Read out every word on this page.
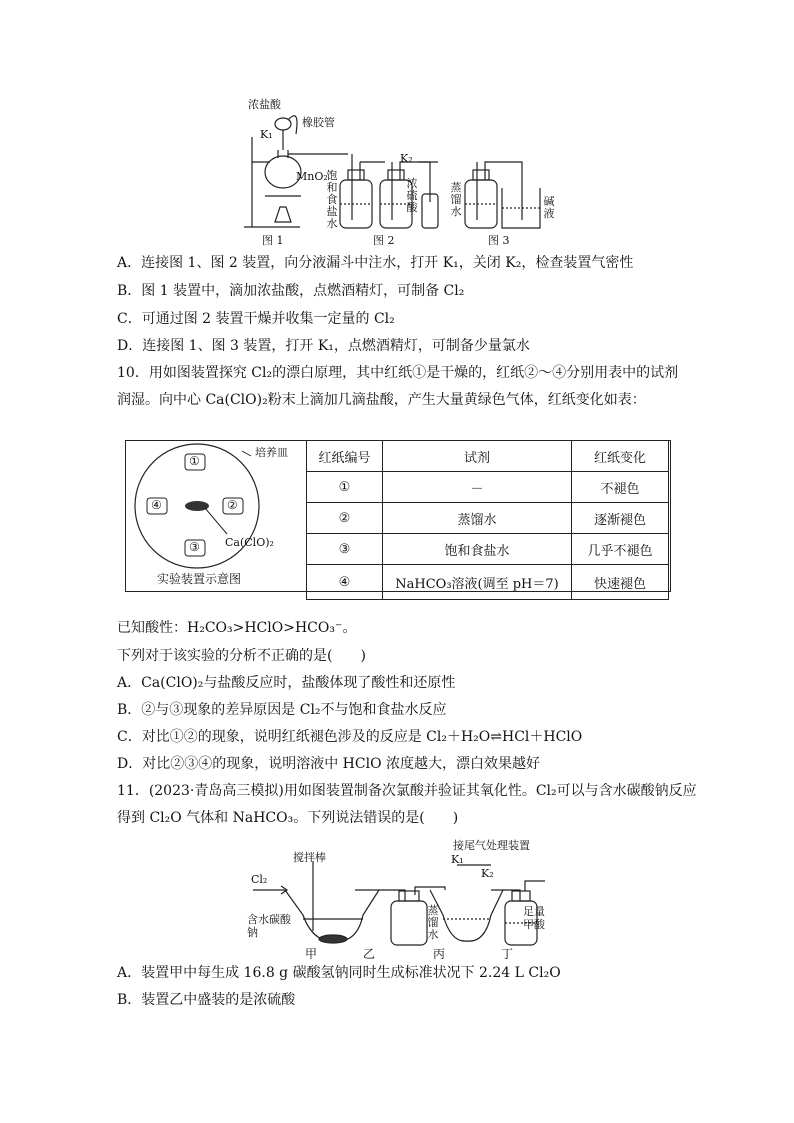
浓盐酸
橡胶管
K₁
MnO₂
图 1
饱和食盐水
K₂
浓硫酸
图 2
蒸馏水
碱液
图 3
A．连接图 1、图 2 装置，向分液漏斗中注水，打开 K₁，关闭 K₂，检查装置气密性
B．图 1 装置中，滴加浓盐酸，点燃酒精灯，可制备 Cl₂
C．可通过图 2 装置干燥并收集一定量的 Cl₂
D．连接图 1、图 3 装置，打开 K₁，点燃酒精灯，可制备少量氯水
10．用如图装置探究 Cl₂的漂白原理，其中红纸①是干燥的，红纸②～④分别用表中的试剂
润湿。向中心 Ca(ClO)₂粉末上滴加几滴盐酸，产生大量黄绿色气体，红纸变化如表：
培养皿
①
④	②
③ Ca(ClO)₂
实验装置示意图
红纸编号	试剂	红纸变化
①	－	不褪色
②	蒸馏水	逐渐褪色
③	饱和食盐水	几乎不褪色
④	NaHCO₃溶液(调至 pH＝7)	快速褪色
已知酸性：H₂CO₃>HClO>HCO₃⁻。
下列对于该实验的分析不正确的是(　　)
A．Ca(ClO)₂与盐酸反应时，盐酸体现了酸性和还原性
B．②与③现象的差异原因是 Cl₂不与饱和食盐水反应
C．对比①②的现象，说明红纸褪色涉及的反应是 Cl₂＋H₂O⇌HCl＋HClO
D．对比②③④的现象，说明溶液中 HClO 浓度越大，漂白效果越好
11．(2023·青岛高三模拟)用如图装置制备次氯酸并验证其氧化性。Cl₂可以与含水碳酸钠反应
得到 Cl₂O 气体和 NaHCO₃。下列说法错误的是(　　)
搅拌棒
接尾气处理装置
Cl₂
K₁
K₂
含水碳酸钠
蒸馏水
足量甲酸
甲	乙	丙	丁
A．装置甲中每生成 16.8 g 碳酸氢钠同时生成标准状况下 2.24 L Cl₂O
B．装置乙中盛装的是浓硫酸
